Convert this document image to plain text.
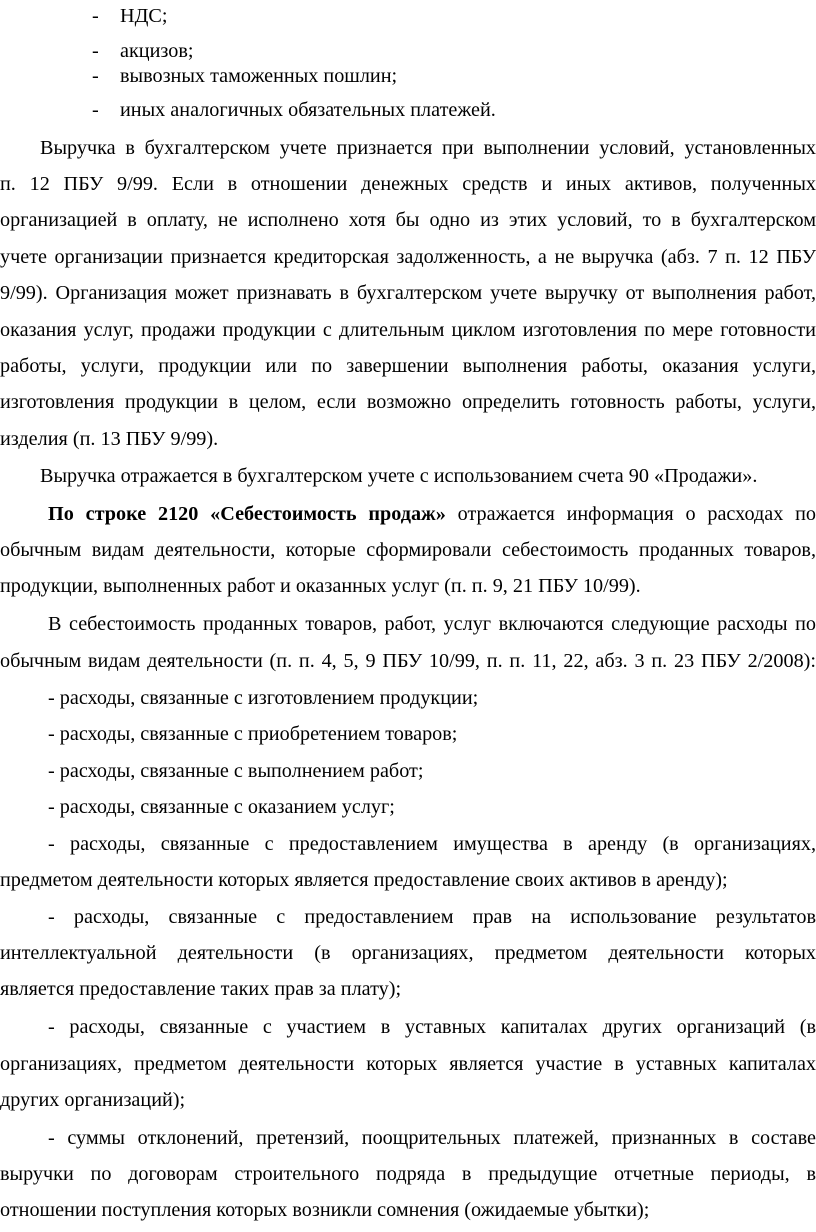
- НДС;
- акцизов;
- вывозных таможенных пошлин;
- иных аналогичных обязательных платежей.
Выручка в бухгалтерском учете признается при выполнении условий, установленных
п. 12 ПБУ 9/99. Если в отношении денежных средств и иных активов, полученных
организацией в оплату, не исполнено хотя бы одно из этих условий, то в бухгалтерском
учете организации признается кредиторская задолженность, а не выручка (абз. 7 п. 12 ПБУ
9/99). Организация может признавать в бухгалтерском учете выручку от выполнения работ,
оказания услуг, продажи продукции с длительным циклом изготовления по мере готовности
работы, услуги, продукции или по завершении выполнения работы, оказания услуги,
изготовления продукции в целом, если возможно определить готовность работы, услуги,
изделия (п. 13 ПБУ 9/99).
Выручка отражается в бухгалтерском учете с использованием счета 90 «Продажи».
По строке 2120 «Себестоимость продаж» отражается информация о расходах по
обычным видам деятельности, которые сформировали себестоимость проданных товаров,
продукции, выполненных работ и оказанных услуг (п. п. 9, 21 ПБУ 10/99).
В себестоимость проданных товаров, работ, услуг включаются следующие расходы по
обычным видам деятельности (п. п. 4, 5, 9 ПБУ 10/99, п. п. 11, 22, абз. 3 п. 23 ПБУ 2/2008):
- расходы, связанные с изготовлением продукции;
- расходы, связанные с приобретением товаров;
- расходы, связанные с выполнением работ;
- расходы, связанные с оказанием услуг;
- расходы, связанные с предоставлением имущества в аренду (в организациях,
предметом деятельности которых является предоставление своих активов в аренду);
- расходы, связанные с предоставлением прав на использование результатов
интеллектуальной деятельности (в организациях, предметом деятельности которых
является предоставление таких прав за плату);
- расходы, связанные с участием в уставных капиталах других организаций (в
организациях, предметом деятельности которых является участие в уставных капиталах
других организаций);
- суммы отклонений, претензий, поощрительных платежей, признанных в составе
выручки по договорам строительного подряда в предыдущие отчетные периоды, в
отношении поступления которых возникли сомнения (ожидаемые убытки);
